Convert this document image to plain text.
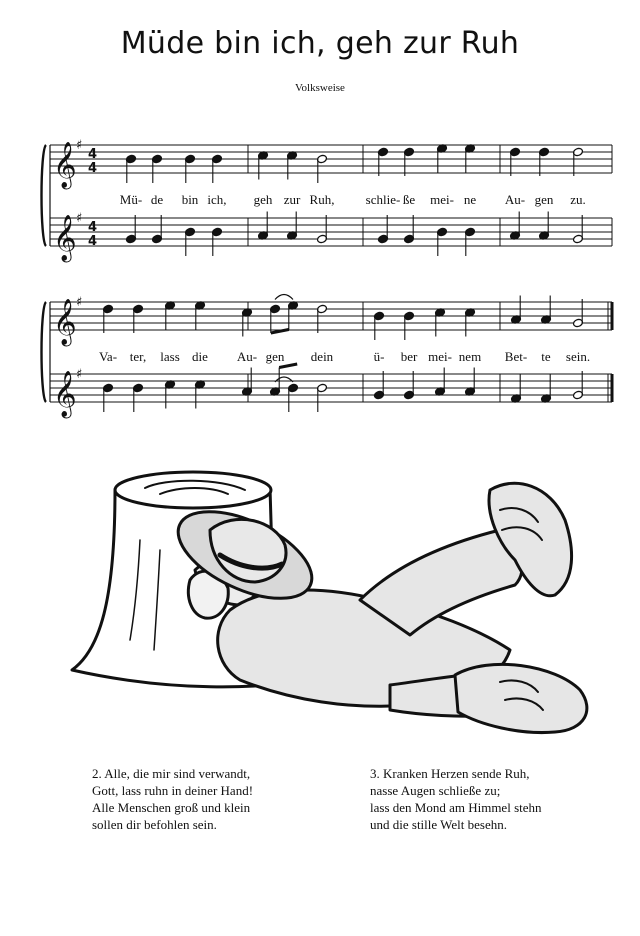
Müde bin ich, geh zur Ruh
Volksweise
𝄞 ♯
𝄞 ♯
4
4
4
4
𝄞 ♯
𝄞 ♯
Mü- de bin ich, geh zur Ruh, schlie- ße mei- ne Au- gen zu.
Va- ter, lass die Au- gen dein	ü- ber mei- nem Bet- te sein.
2. Alle, die mir sind verwandt,
Gott, lass ruhn in deiner Hand!
Alle Menschen groß und klein
sollen dir befohlen sein.
3. Kranken Herzen sende Ruh,
nasse Augen schließe zu;
lass den Mond am Himmel stehn
und die stille Welt besehn.
